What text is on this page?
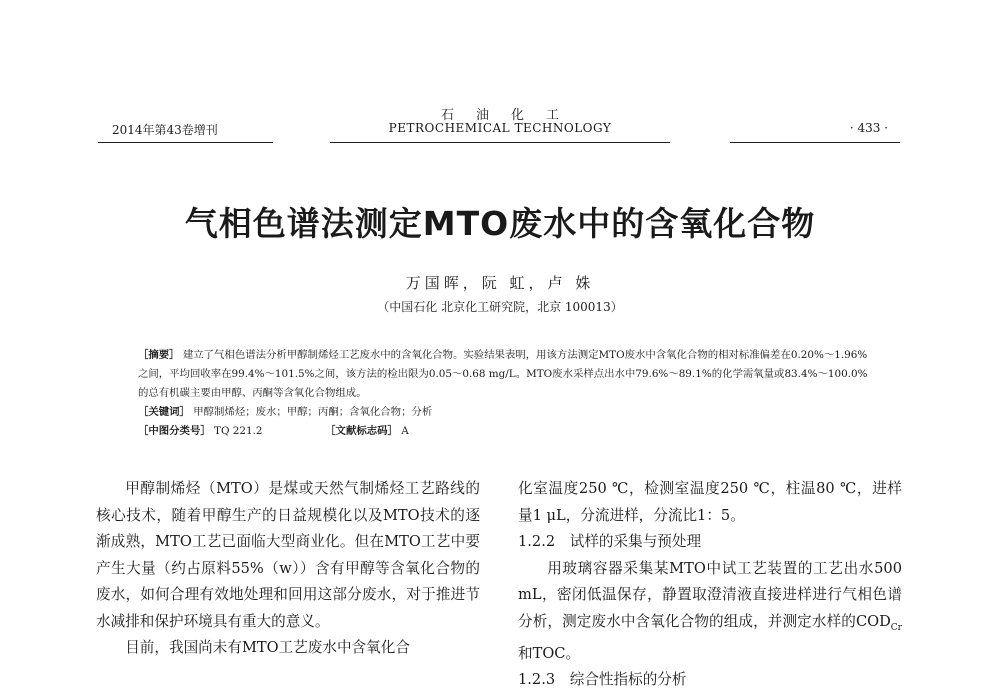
石油化工
PETROCHEMICAL TECHNOLOGY
2014年第43卷增刊	· 433 ·
气相色谱法测定MTO废水中的含氧化合物
万国晖，阮 虹，卢 姝
（中国石化 北京化工研究院，北京 100013）

［摘要］ 建立了气相色谱法分析甲醇制烯烃工艺废水中的含氧化合物。实验结果表明，用该方法测定MTO废水中含氧化合物的相对标准偏差在0.20%～1.96%之间，平均回收率在99.4%～101.5%之间，该方法的检出限为0.05～0.68 mg/L。MTO废水采样点出水中79.6%～89.1%的化学需氧量或83.4%～100.0%的总有机碳主要由甲醇、丙酮等含氧化合物组成。

［关键词］ 甲醇制烯烃；废水；甲醇；丙酮；含氧化合物；分析

［中图分类号］ TQ 221.2	［文献标志码］ A

甲醇制烯烃（MTO）是煤或天然气制烯烃工艺路线的核心技术，随着甲醇生产的日益规模化以及MTO技术的逐渐成熟，MTO工艺已面临大型商业化。但在MTO工艺中要产生大量（约占原料55%（w））含有甲醇等含氧化合物的废水，如何合理有效地处理和回用这部分废水，对于推进节水减排和保护环境具有重大的意义。

目前，我国尚未有MTO工艺废水中含氧化合

化室温度250 ℃，检测室温度250 ℃，柱温80 ℃，进样量1 μL，分流进样，分流比1：5。

1.2.2　试样的采集与预处理

用玻璃容器采集某MTO中试工艺装置的工艺出水500 mL，密闭低温保存，静置取澄清液直接进样进行气相色谱分析，测定废水中含氧化合物的组成，并测定水样的$COD_{Cr}$和TOC。

1.2.3　综合性指标的分析
